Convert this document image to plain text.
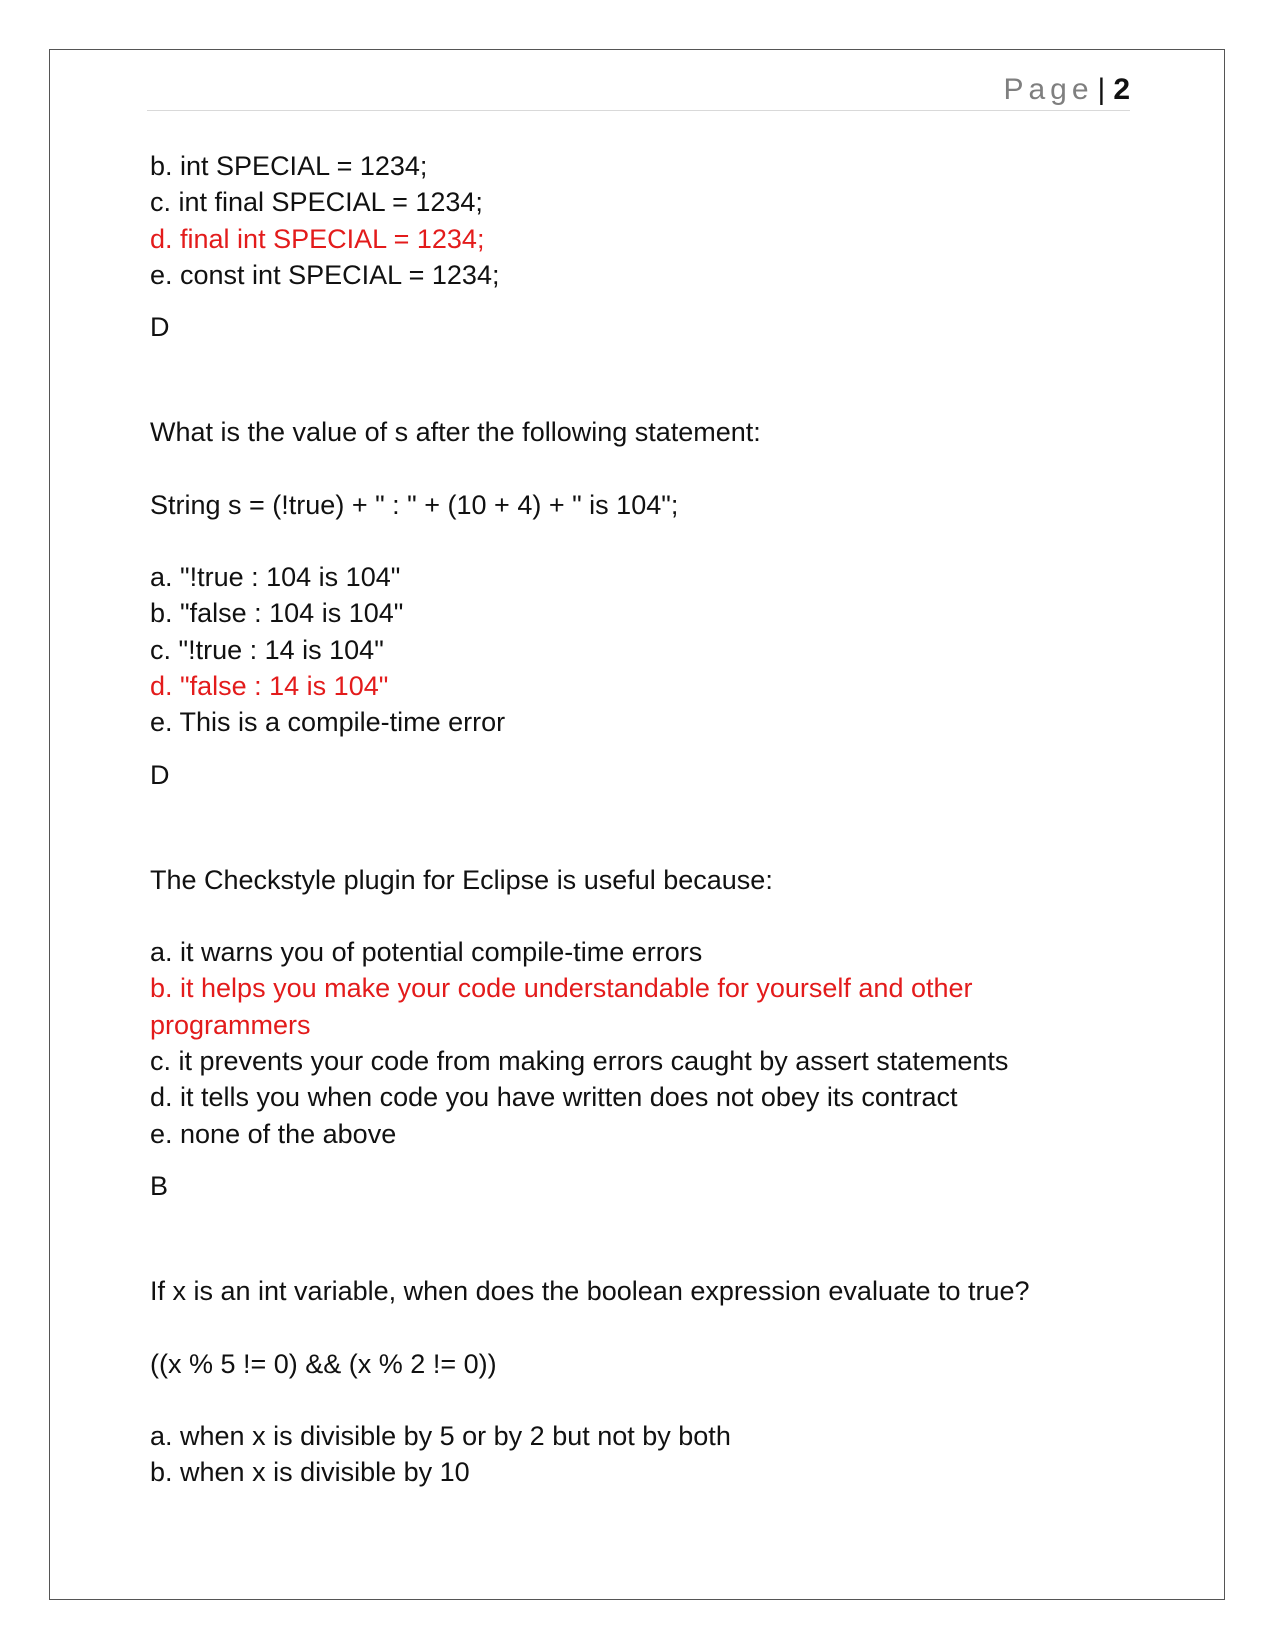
Page | 2
b. int SPECIAL = 1234;
c. int final SPECIAL = 1234;
d. final int SPECIAL = 1234;
e. const int SPECIAL = 1234;
D
What is the value of s after the following statement:
String s = (!true) + " : " + (10 + 4) + " is 104";
a. "!true : 104 is 104"
b. "false : 104 is 104"
c. "!true : 14 is 104"
d. "false : 14 is 104"
e. This is a compile-time error
D
The Checkstyle plugin for Eclipse is useful because:
a. it warns you of potential compile-time errors
b. it helps you make your code understandable for yourself and other programmers
c. it prevents your code from making errors caught by assert statements
d. it tells you when code you have written does not obey its contract
e. none of the above
B
If x is an int variable, when does the boolean expression evaluate to true?
((x % 5 != 0) && (x % 2 != 0))
a. when x is divisible by 5 or by 2 but not by both
b. when x is divisible by 10
